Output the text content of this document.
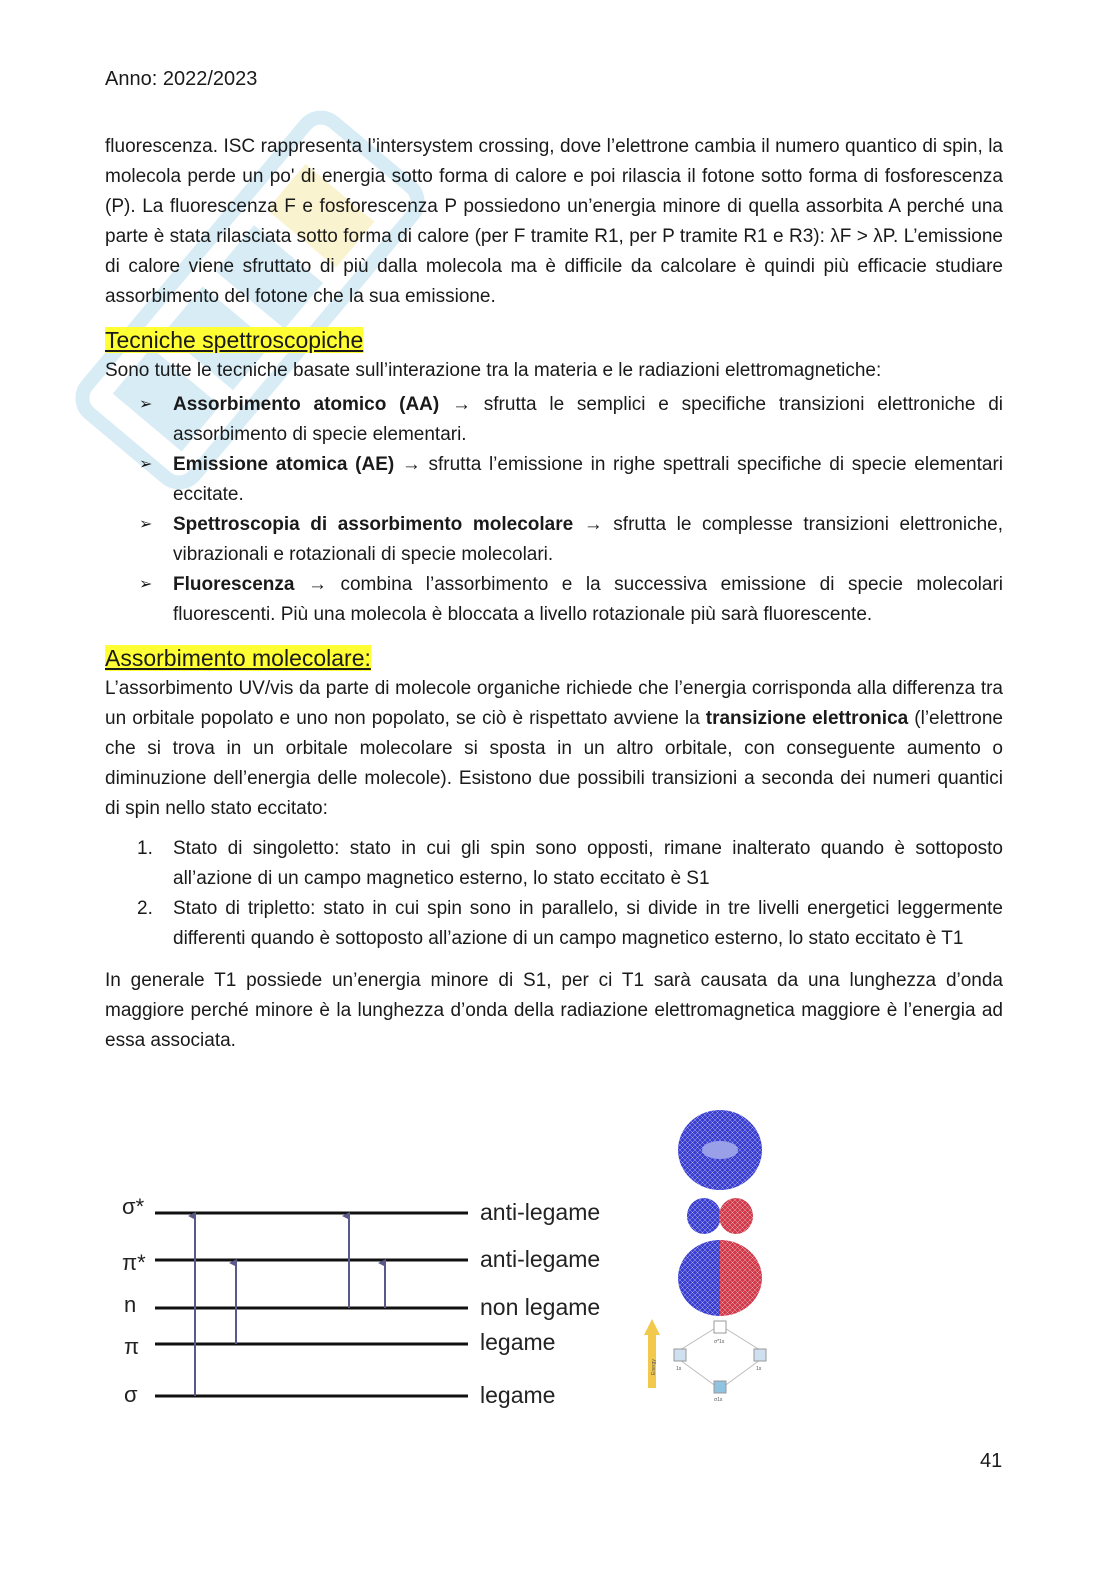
Anno: 2022/2023

fluorescenza. ISC rappresenta l’intersystem crossing, dove l’elettrone cambia il numero quantico di spin, la molecola perde un po' di energia sotto forma di calore e poi rilascia il fotone sotto forma di fosforescenza (P). La fluorescenza F e fosforescenza P possiedono un’energia minore di quella assorbita A perché una parte è stata rilasciata sotto forma di calore (per F tramite R1, per P tramite R1 e R3): λF > λP. L’emissione di calore viene sfruttato di più dalla molecola ma è difficile da calcolare è quindi più efficacie studiare assorbimento del fotone che la sua emissione.

Tecniche spettroscopiche

Sono tutte le tecniche basate sull’interazione tra la materia e le radiazioni elettromagnetiche:

➢ Assorbimento atomico (AA) → sfrutta le semplici e specifiche transizioni elettroniche di assorbimento di specie elementari.
➢ Emissione atomica (AE) → sfrutta l’emissione in righe spettrali specifiche di specie elementari eccitate.
➢ Spettroscopia di assorbimento molecolare → sfrutta le complesse transizioni elettroniche, vibrazionali e rotazionali di specie molecolari.
➢ Fluorescenza → combina l’assorbimento e la successiva emissione di specie molecolari fluorescenti. Più una molecola è bloccata a livello rotazionale più sarà fluorescente.
Assorbimento molecolare:

L’assorbimento UV/vis da parte di molecole organiche richiede che l’energia corrisponda alla differenza tra un orbitale popolato e uno non popolato, se ciò è rispettato avviene la transizione elettronica (l’elettrone che si trova in un orbitale molecolare si sposta in un altro orbitale, con conseguente aumento o diminuzione dell’energia delle molecole). Esistono due possibili transizioni a seconda dei numeri quantici di spin nello stato eccitato:

1. Stato di singoletto: stato in cui gli spin sono opposti, rimane inalterato quando è sottoposto all’azione di un campo magnetico esterno, lo stato eccitato è S1
2. Stato di tripletto: stato in cui spin sono in parallelo, si divide in tre livelli energetici leggermente differenti quando è sottoposto all’azione di un campo magnetico esterno, lo stato eccitato è T1

In generale T1 possiede un’energia minore di S1, per ci T1 sarà causata da una lunghezza d’onda maggiore perché minore è la lunghezza d’onda della radiazione elettromagnetica maggiore è l’energia ad essa associata.

σ*
π*
n
π
σ
anti-legame
anti-legame
non legame
legame
legame
Energy
σ*1s
1s	1s
σ1s
41
